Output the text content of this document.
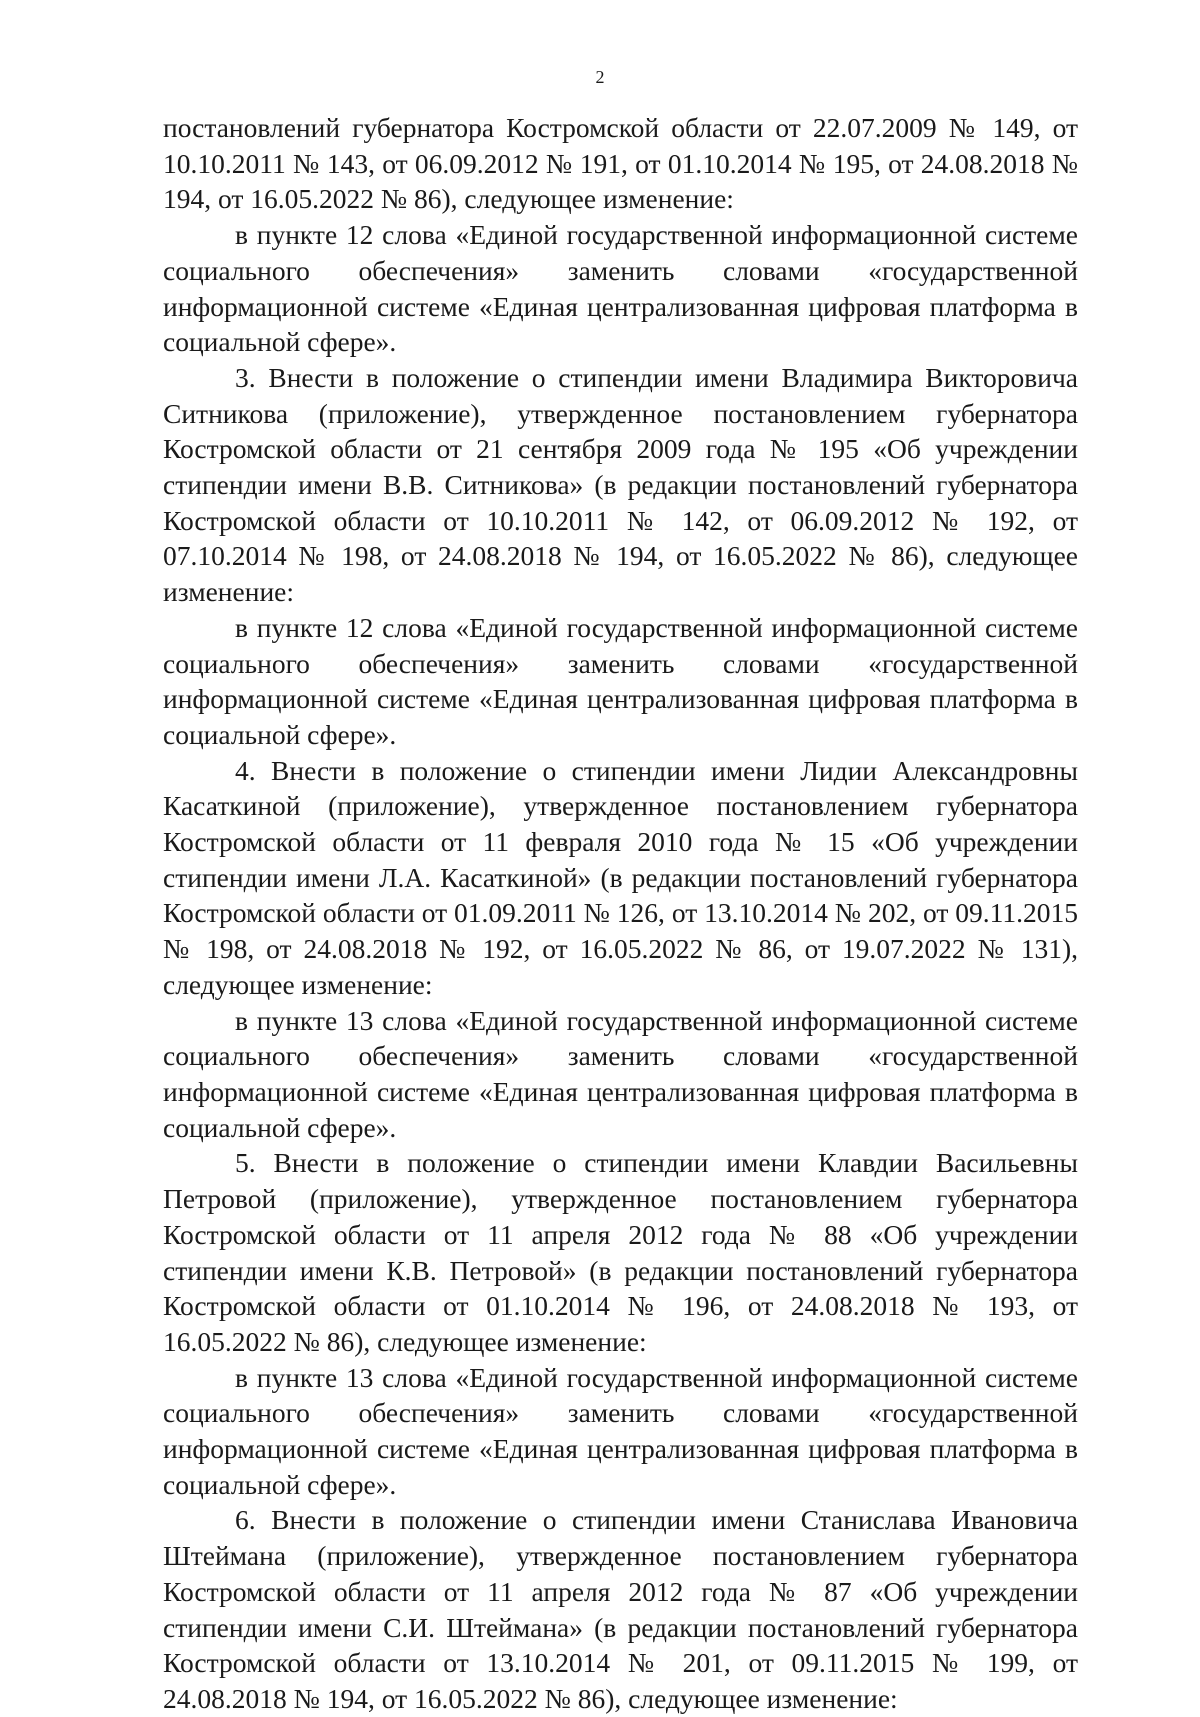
2

постановлений губернатора Костромской области от 22.07.2009 № 149, от 10.10.2011 № 143, от 06.09.2012 № 191, от 01.10.2014 № 195, от 24.08.2018 № 194, от 16.05.2022 № 86), следующее изменение:

в пункте 12 слова «Единой государственной информационной системе социального обеспечения» заменить словами «государственной информационной системе «Единая централизованная цифровая платформа в социальной сфере».

3. Внести в положение о стипендии имени Владимира Викторовича Ситникова (приложение), утвержденное постановлением губернатора Костромской области от 21 сентября 2009 года № 195 «Об учреждении стипендии имени В.В. Ситникова» (в редакции постановлений губернатора Костромской области от 10.10.2011 № 142, от 06.09.2012 № 192, от 07.10.2014 № 198, от 24.08.2018 № 194, от 16.05.2022 № 86), следующее изменение:

в пункте 12 слова «Единой государственной информационной системе социального обеспечения» заменить словами «государственной информационной системе «Единая централизованная цифровая платформа в социальной сфере».

4. Внести в положение о стипендии имени Лидии Александровны Касаткиной (приложение), утвержденное постановлением губернатора Костромской области от 11 февраля 2010 года № 15 «Об учреждении стипендии имени Л.А. Касаткиной» (в редакции постановлений губернатора Костромской области от 01.09.2011 № 126, от 13.10.2014 № 202, от 09.11.2015 № 198, от 24.08.2018 № 192, от 16.05.2022 № 86, от 19.07.2022 № 131), следующее изменение:

в пункте 13 слова «Единой государственной информационной системе социального обеспечения» заменить словами «государственной информационной системе «Единая централизованная цифровая платформа в социальной сфере».

5. Внести в положение о стипендии имени Клавдии Васильевны Петровой (приложение), утвержденное постановлением губернатора Костромской области от 11 апреля 2012 года № 88 «Об учреждении стипендии имени К.В. Петровой» (в редакции постановлений губернатора Костромской области от 01.10.2014 № 196, от 24.08.2018 № 193, от 16.05.2022 № 86), следующее изменение:

в пункте 13 слова «Единой государственной информационной системе социального обеспечения» заменить словами «государственной информационной системе «Единая централизованная цифровая платформа в социальной сфере».

6. Внести в положение о стипендии имени Станислава Ивановича Штеймана (приложение), утвержденное постановлением губернатора Костромской области от 11 апреля 2012 года № 87 «Об учреждении стипендии имени С.И. Штеймана» (в редакции постановлений губернатора Костромской области от 13.10.2014 № 201, от 09.11.2015 № 199, от 24.08.2018 № 194, от 16.05.2022 № 86), следующее изменение:
